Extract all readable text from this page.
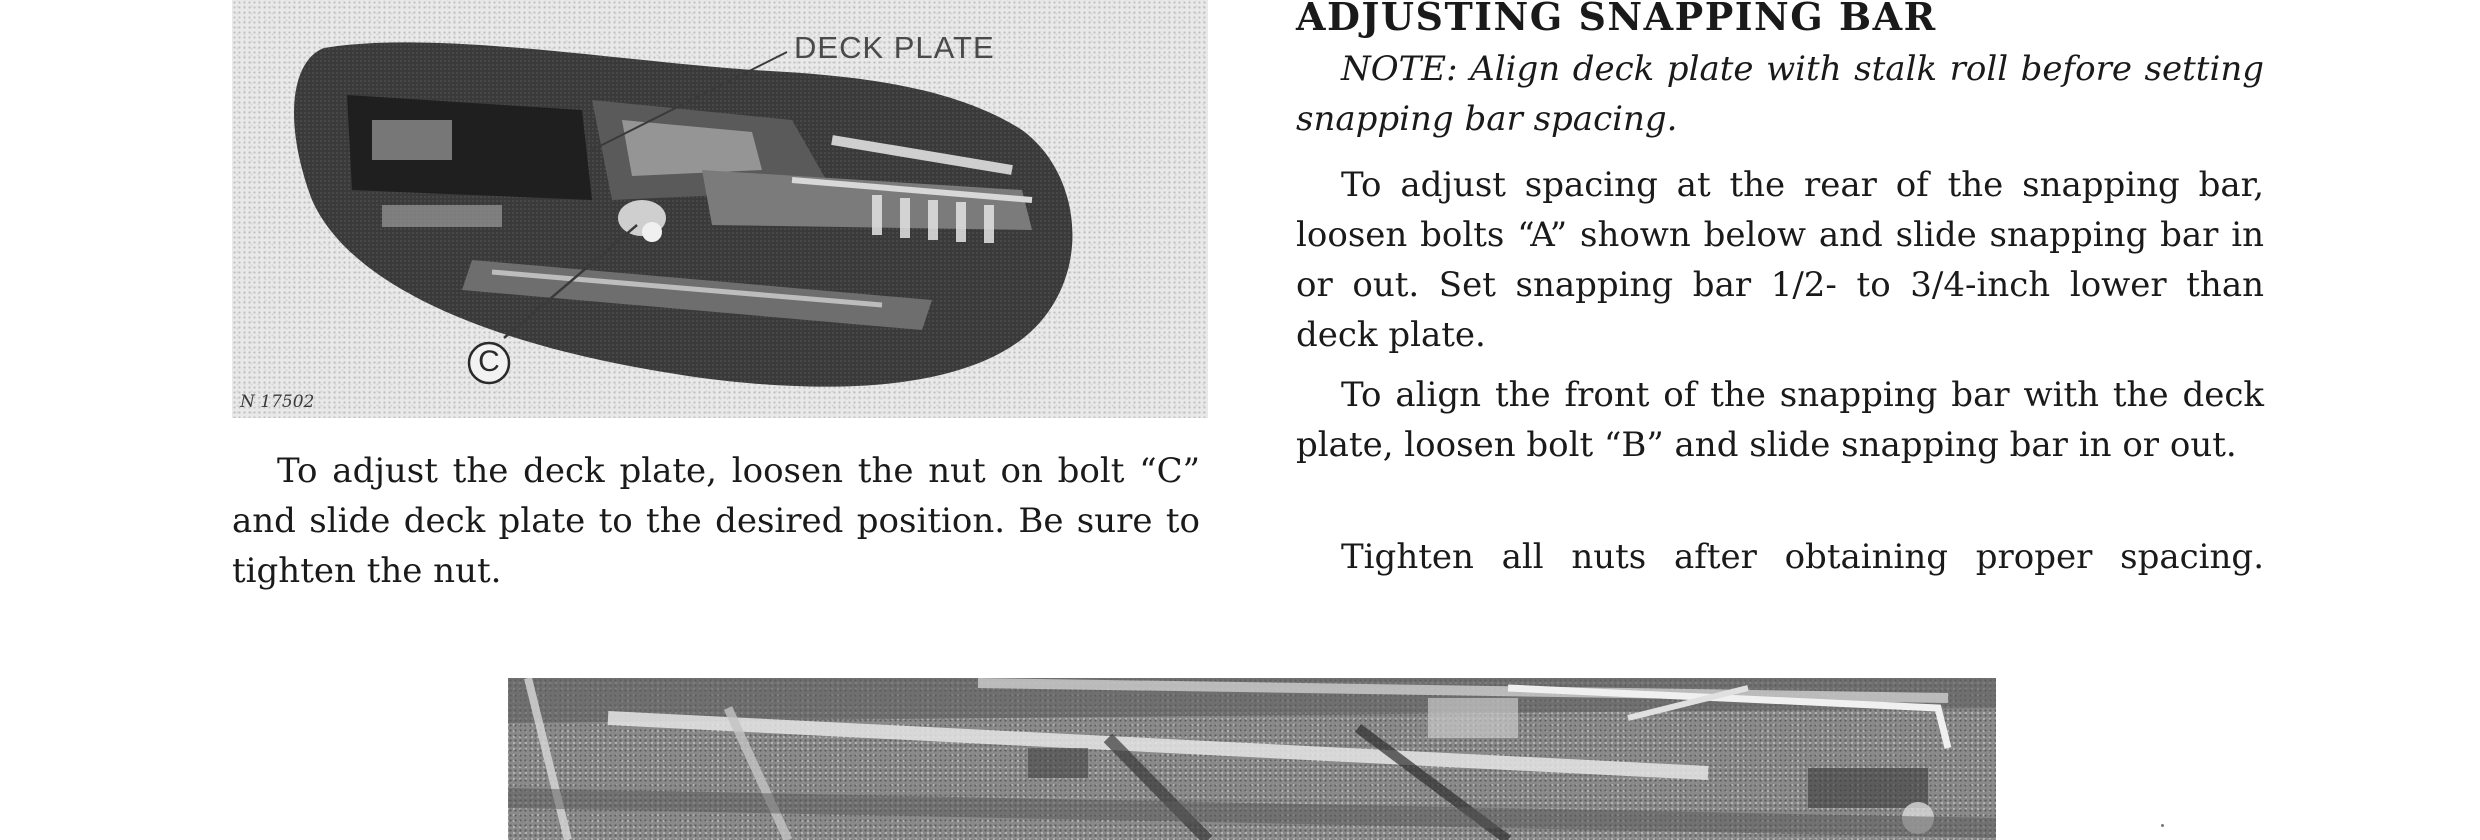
DECK PLATE
C
N 17502

To adjust the deck plate, loosen the nut on bolt “C” and slide deck plate to the desired position. Be sure to tighten the nut.

ADJUSTING SNAPPING BAR

NOTE: Align deck plate with stalk roll before setting snapping bar spacing.

To adjust spacing at the rear of the snapping bar, loosen bolts “A” shown below and slide snapping bar in or out. Set snapping bar 1/2- to 3/4-inch lower than deck plate.

To align the front of the snapping bar with the deck plate, loosen bolt “B” and slide snapping bar in or out.

Tighten all nuts after obtaining proper spacing.
